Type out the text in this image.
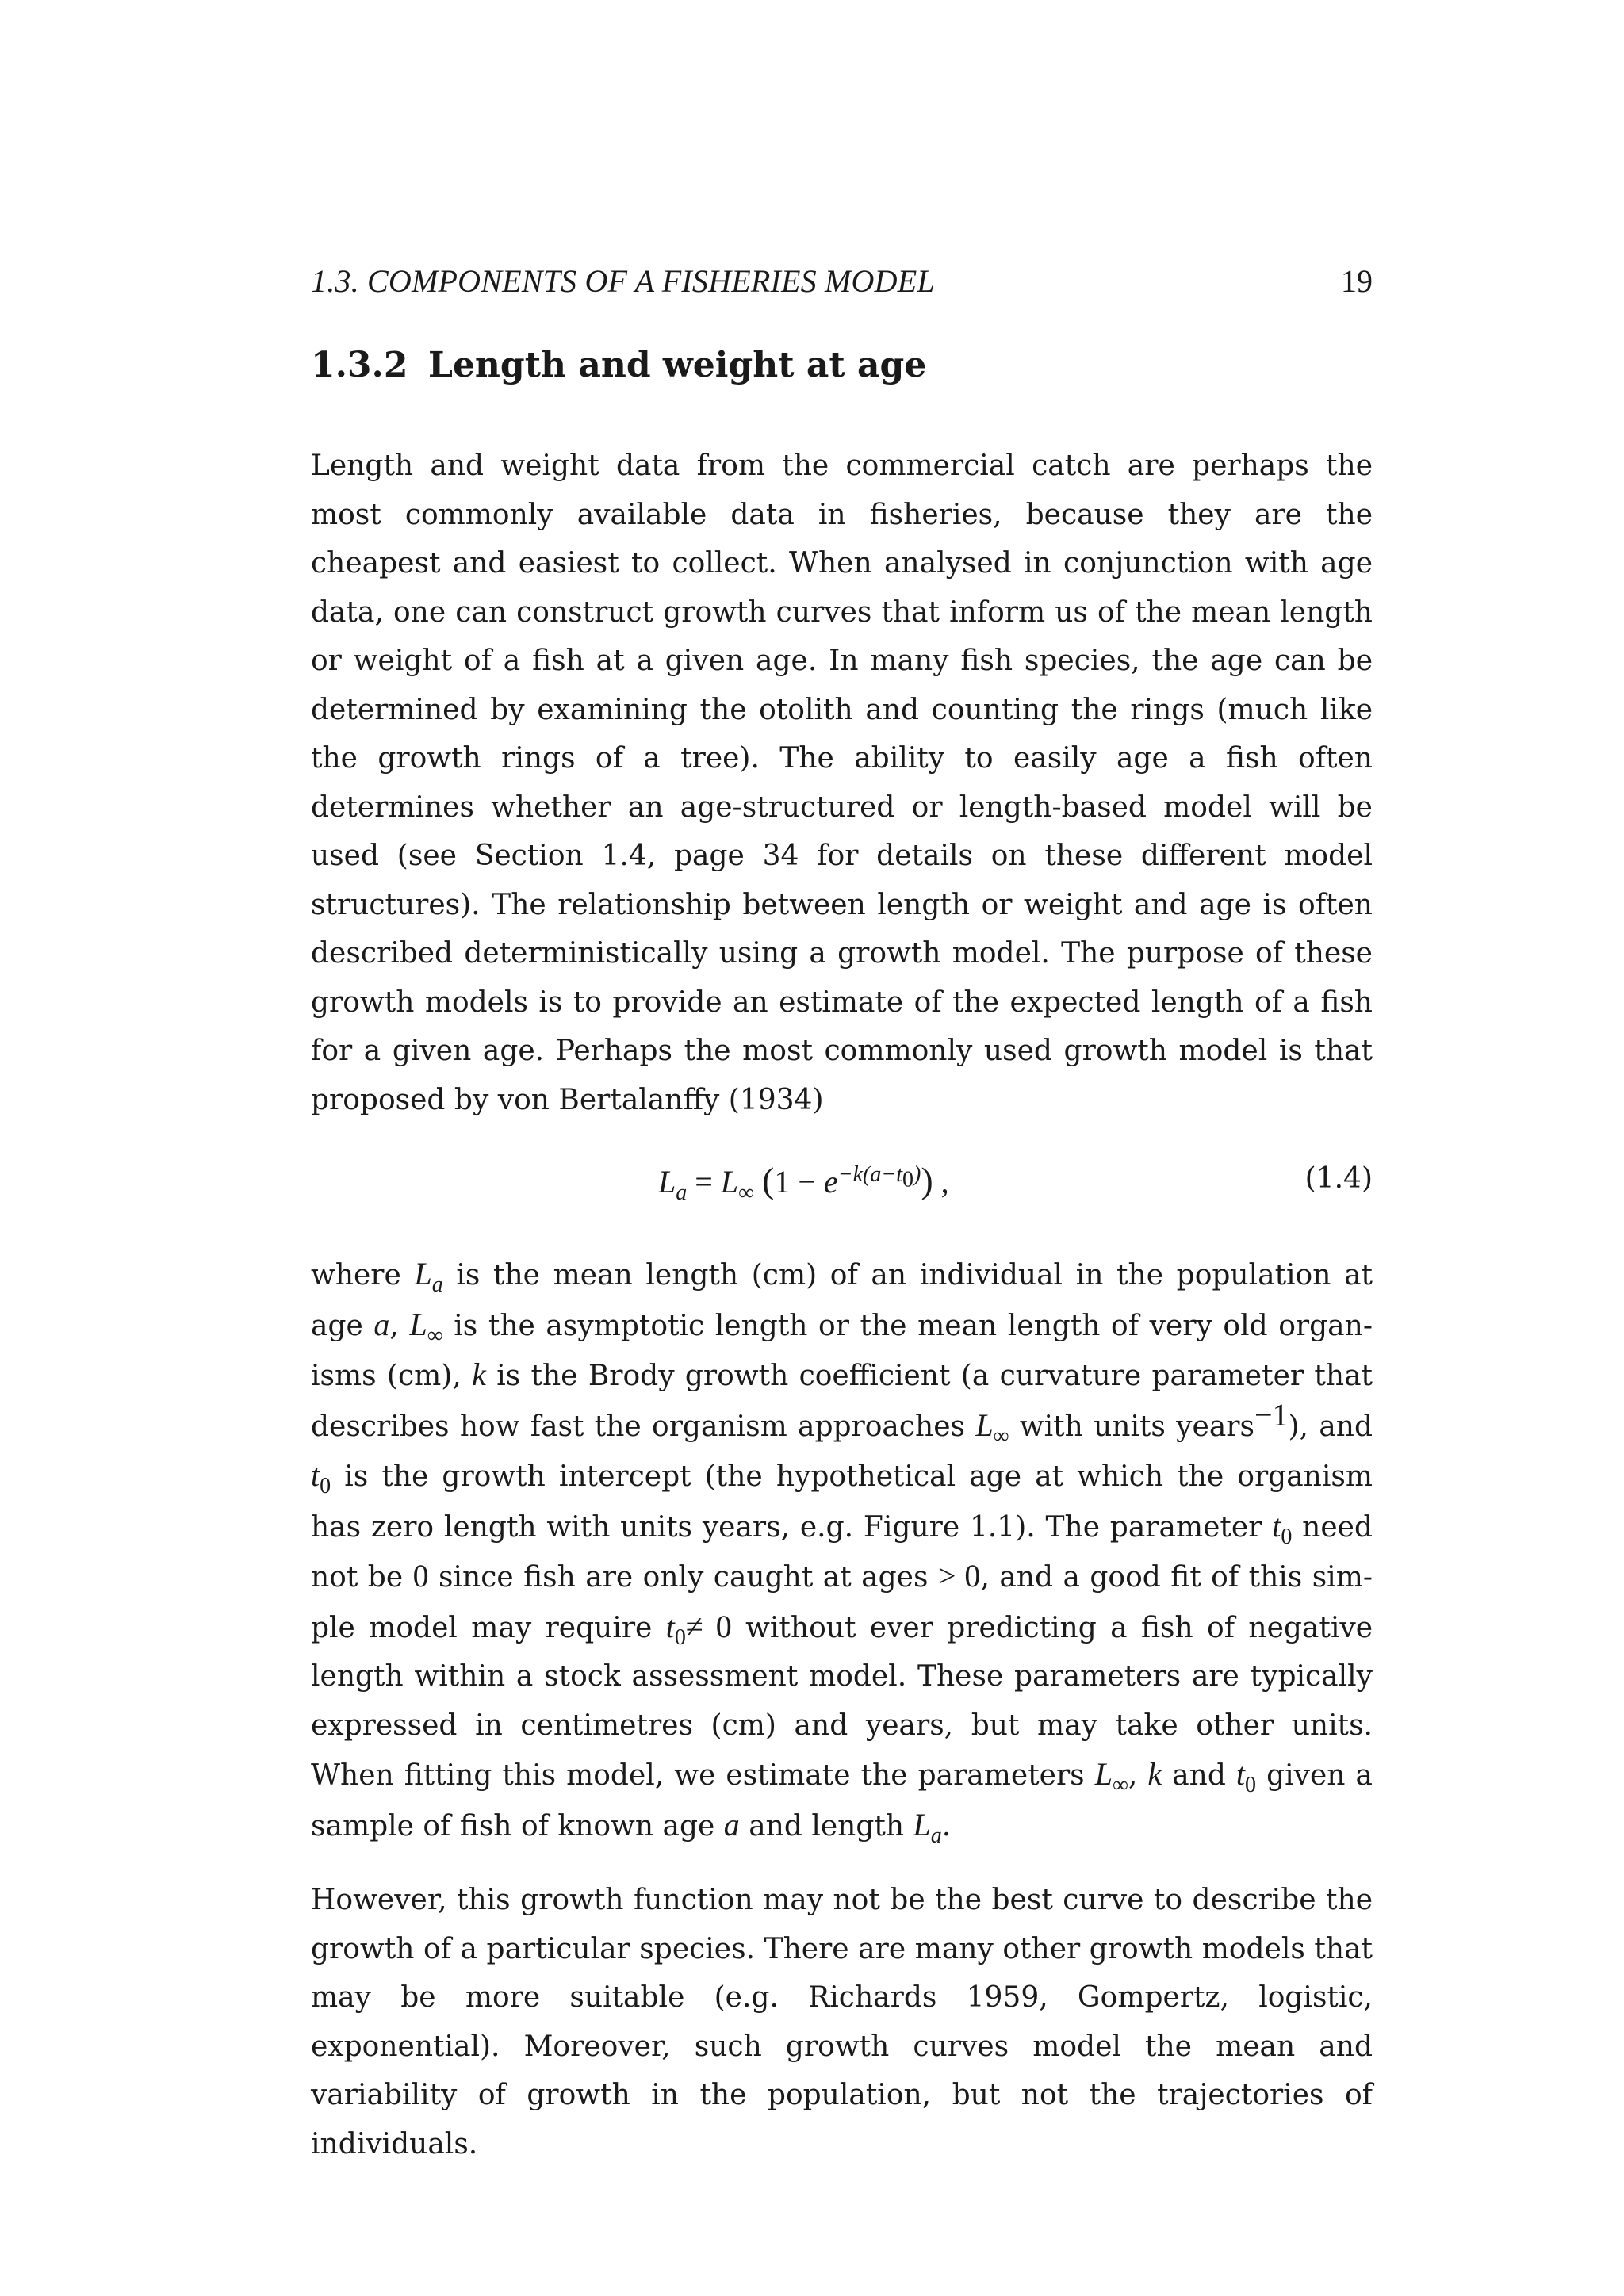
1.3. COMPONENTS OF A FISHERIES MODEL	19
1.3.2 Length and weight at age

Length and weight data from the commercial catch are perhaps the most commonly available data in fisheries, because they are the cheapest and easiest to collect. When analysed in conjunction with age data, one can construct growth curves that inform us of the mean length or weight of a fish at a given age. In many fish species, the age can be determined by examining the otolith and counting the rings (much like the growth rings of a tree). The ability to easily age a fish often determines whether an age-structured or length-based model will be used (see Section 1.4, page 34 for details on these different model structures). The relationship between length or weight and age is often described deterministically using a growth model. The purpose of these growth models is to provide an estimate of the expected length of a fish for a given age. Perhaps the most commonly used growth model is that proposed by von Bertalanffy (1934)

$L_a = L_\infty$ $(1 - e^{-k(a-t_0)})$ ,	(1.4)

where $L_a$ is the mean length (cm) of an individual in the population at age a, $L_\infty$ is the asymptotic length or the mean length of very old organisms (cm), k is the Brody growth coefficient (a curvature parameter that describes how fast the organism approaches $L_\infty$ with units years$^{-1}$), and $t_0$ is the growth intercept (the hypothetical age at which the organism has zero length with units years, e.g. Figure 1.1). The parameter $t_0$ need not be 0 since fish are only caught at ages > 0, and a good fit of this simple model may require $t_0\ne 0$ without ever predicting a fish of negative length within a stock assessment model. These parameters are typically expressed in centimetres (cm) and years, but may take other units. When fitting this model, we estimate the parameters $L_\infty$, k and $t_0$ given a sample of fish of known age a and length $L_a$.

However, this growth function may not be the best curve to describe the growth of a particular species. There are many other growth models that may be more suitable (e.g. Richards 1959, Gompertz, logistic, exponential). Moreover, such growth curves model the mean and variability of growth in the population, but not the trajectories of individuals.
